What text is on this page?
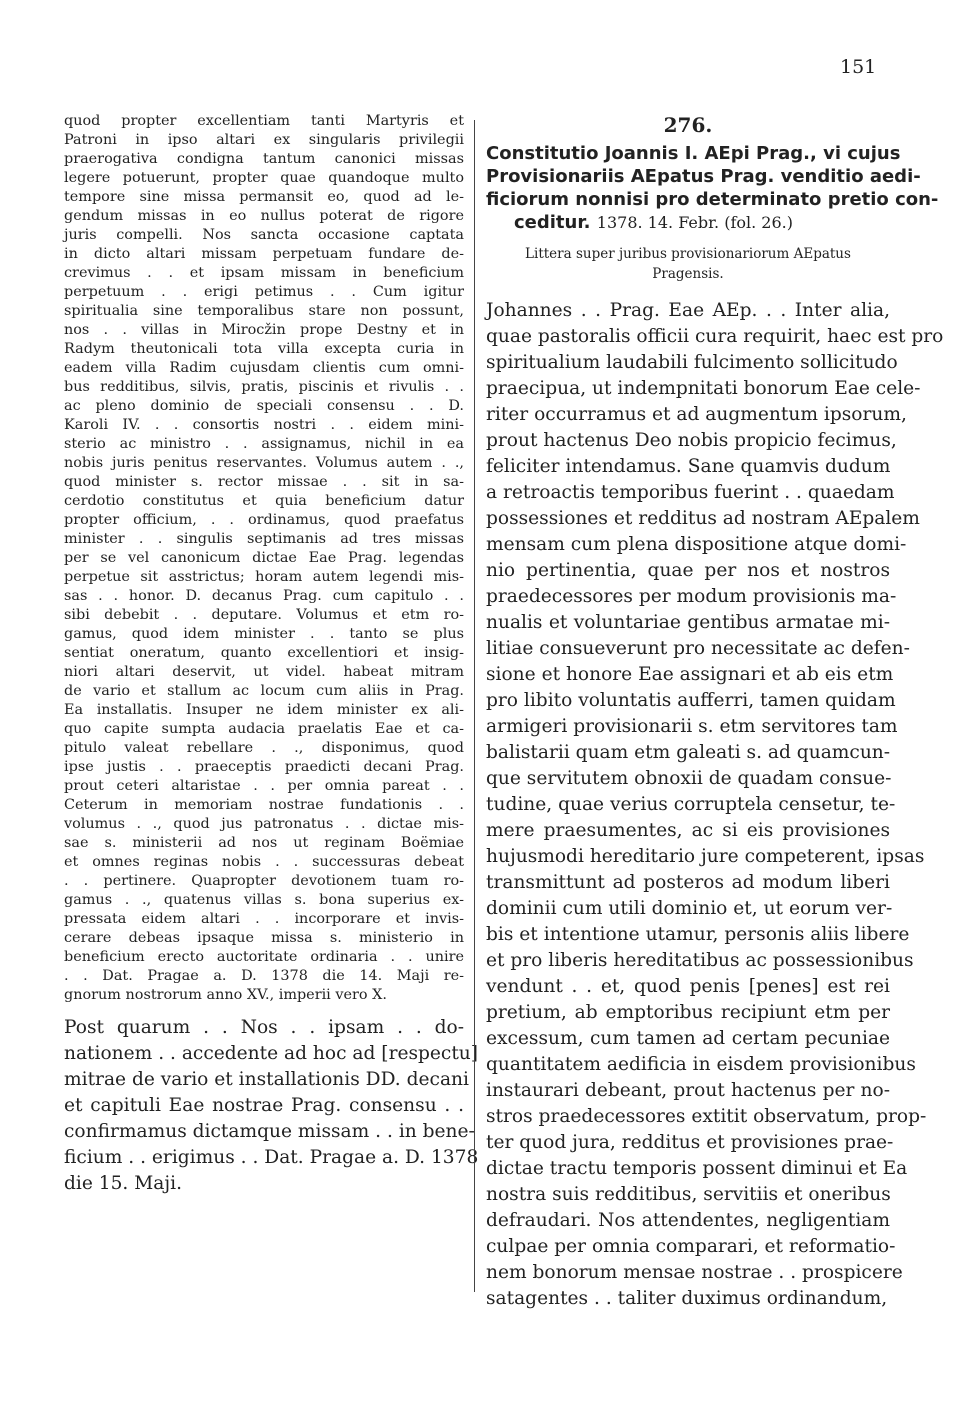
151
quod propter excellentiam tanti Martyris et
Patroni in ipso altari ex singularis privilegii
praerogativa condigna tantum canonici missas
legere potuerunt, propter quae quandoque multo
tempore sine missa permansit eo, quod ad le-
gendum missas in eo nullus poterat de rigore
juris compelli. Nos sancta occasione captata
in dicto altari missam perpetuam fundare de-
crevimus . . et ipsam missam in beneficium
perpetuum . . erigi petimus . . Cum igitur
spiritualia sine temporalibus stare non possunt,
nos . . villas in Mirocžin prope Destny et in
Radym theutonicali tota villa excepta curia in
eadem villa Radim cujusdam clientis cum omni-
bus redditibus, silvis, pratis, piscinis et rivulis . .
ac pleno dominio de speciali consensu . . D.
Karoli IV. . . consortis nostri . . eidem mini-
sterio ac ministro . . assignamus, nichil in ea
nobis juris penitus reservantes. Volumus autem . .,
quod minister s. rector missae . . sit in sa-
cerdotio constitutus et quia beneficium datur
propter officium, . . ordinamus, quod praefatus
minister . . singulis septimanis ad tres missas
per se vel canonicum dictae Eae Prag. legendas
perpetue sit asstrictus; horam autem legendi mis-
sas . . honor. D. decanus Prag. cum capitulo . .
sibi debebit . . deputare. Volumus et etm ro-
gamus, quod idem minister . . tanto se plus
sentiat oneratum, quanto excellentiori et insig-
niori altari deservit, ut videl. habeat mitram
de vario et stallum ac locum cum aliis in Prag.
Ea installatis. Insuper ne idem minister ex ali-
quo capite sumpta audacia praelatis Eae et ca-
pitulo valeat rebellare . ., disponimus, quod
ipse justis . . praeceptis praedicti decani Prag.
prout ceteri altaristae . . per omnia pareat . .
Ceterum in memoriam nostrae fundationis . .
volumus . ., quod jus patronatus . . dictae mis-
sae s. ministerii ad nos ut reginam Boëmiae
et omnes reginas nobis . . successuras debeat
. . pertinere. Quapropter devotionem tuam ro-
gamus . ., quatenus villas s. bona superius ex-
pressata eidem altari . . incorporare et invis-
cerare debeas ipsaque missa s. ministerio in
beneficium erecto auctoritate ordinaria . . unire
. . Dat. Pragae a. D. 1378 die 14. Maji re-
gnorum nostrorum anno XV., imperii vero X.
Post quarum . . Nos . . ipsam . . do-
nationem . . accedente ad hoc ad [respectu]
mitrae de vario et installationis DD. decani
et capituli Eae nostrae Prag. consensu . .
confirmamus dictamque missam . . in bene-
ficium . . erigimus . . Dat. Pragae a. D. 1378
die 15. Maji.
276.
Constitutio Joannis I. AEpi Prag., vi cujus
Provisionariis AEpatus Prag. venditio aedi-
ficiorum nonnisi pro determinato pretio con-
ceditur. 1378. 14. Febr. (fol. 26.)
Littera super juribus provisionariorum AEpatus
Pragensis.
Johannes . . Prag. Eae AEp. . . Inter alia,
quae pastoralis officii cura requirit, haec est pro
spiritualium laudabili fulcimento sollicitudo
praecipua, ut indempnitati bonorum Eae cele-
riter occurramus et ad augmentum ipsorum,
prout hactenus Deo nobis propicio fecimus,
feliciter intendamus. Sane quamvis dudum
a retroactis temporibus fuerint . . quaedam
possessiones et redditus ad nostram AEpalem
mensam cum plena dispositione atque domi-
nio pertinentia, quae per nos et nostros
praedecessores per modum provisionis ma-
nualis et voluntariae gentibus armatae mi-
litiae consueverunt pro necessitate ac defen-
sione et honore Eae assignari et ab eis etm
pro libito voluntatis aufferri, tamen quidam
armigeri provisionarii s. etm servitores tam
balistarii quam etm galeati s. ad quamcun-
que servitutem obnoxii de quadam consue-
tudine, quae verius corruptela censetur, te-
mere praesumentes, ac si eis provisiones
hujusmodi hereditario jure competerent, ipsas
transmittunt ad posteros ad modum liberi
dominii cum utili dominio et, ut eorum ver-
bis et intentione utamur, personis aliis libere
et pro liberis hereditatibus ac possessionibus
vendunt . . et, quod penis [penes] est rei
pretium, ab emptoribus recipiunt etm per
excessum, cum tamen ad certam pecuniae
quantitatem aedificia in eisdem provisionibus
instaurari debeant, prout hactenus per no-
stros praedecessores extitit observatum, prop-
ter quod jura, redditus et provisiones prae-
dictae tractu temporis possent diminui et Ea
nostra suis redditibus, servitiis et oneribus
defraudari. Nos attendentes, negligentiam
culpae per omnia comparari, et reformatio-
nem bonorum mensae nostrae . . prospicere
satagentes . . taliter duximus ordinandum,
